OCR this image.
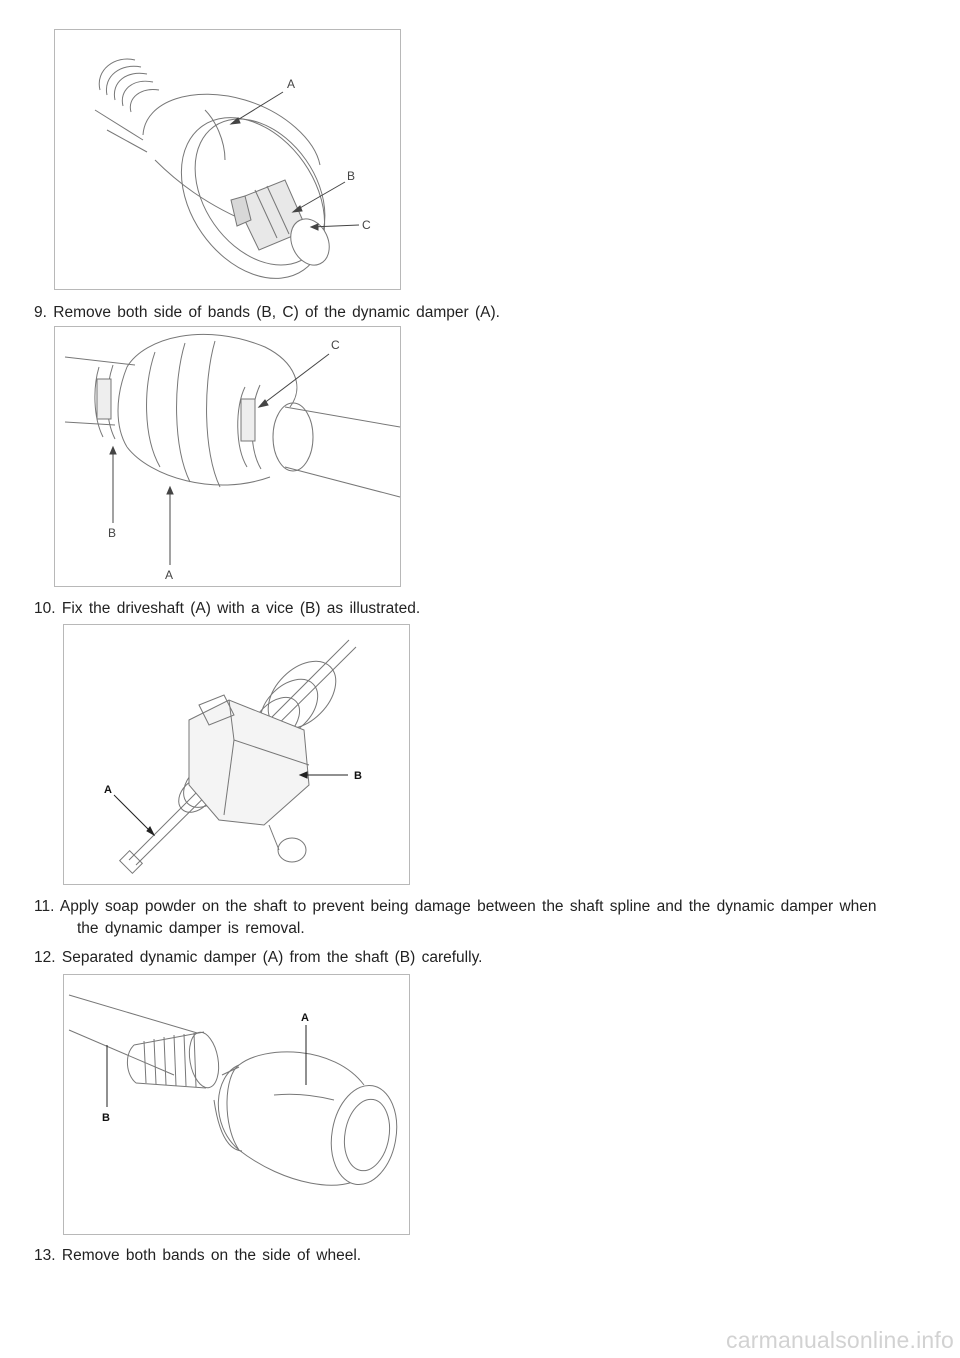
A
B
C
9. Remove both side of bands (B, C) of the dynamic damper (A).
C
B
A
10. Fix the driveshaft (A) with a vice (B) as illustrated.
A
B
11. Apply soap powder on the shaft to prevent being damage between the shaft spline and the dynamic damper when
the dynamic damper is removal.
12. Separated dynamic damper (A) from the shaft (B) carefully.
A
B
13. Remove both bands on the side of wheel.
carmanualsonline.info
